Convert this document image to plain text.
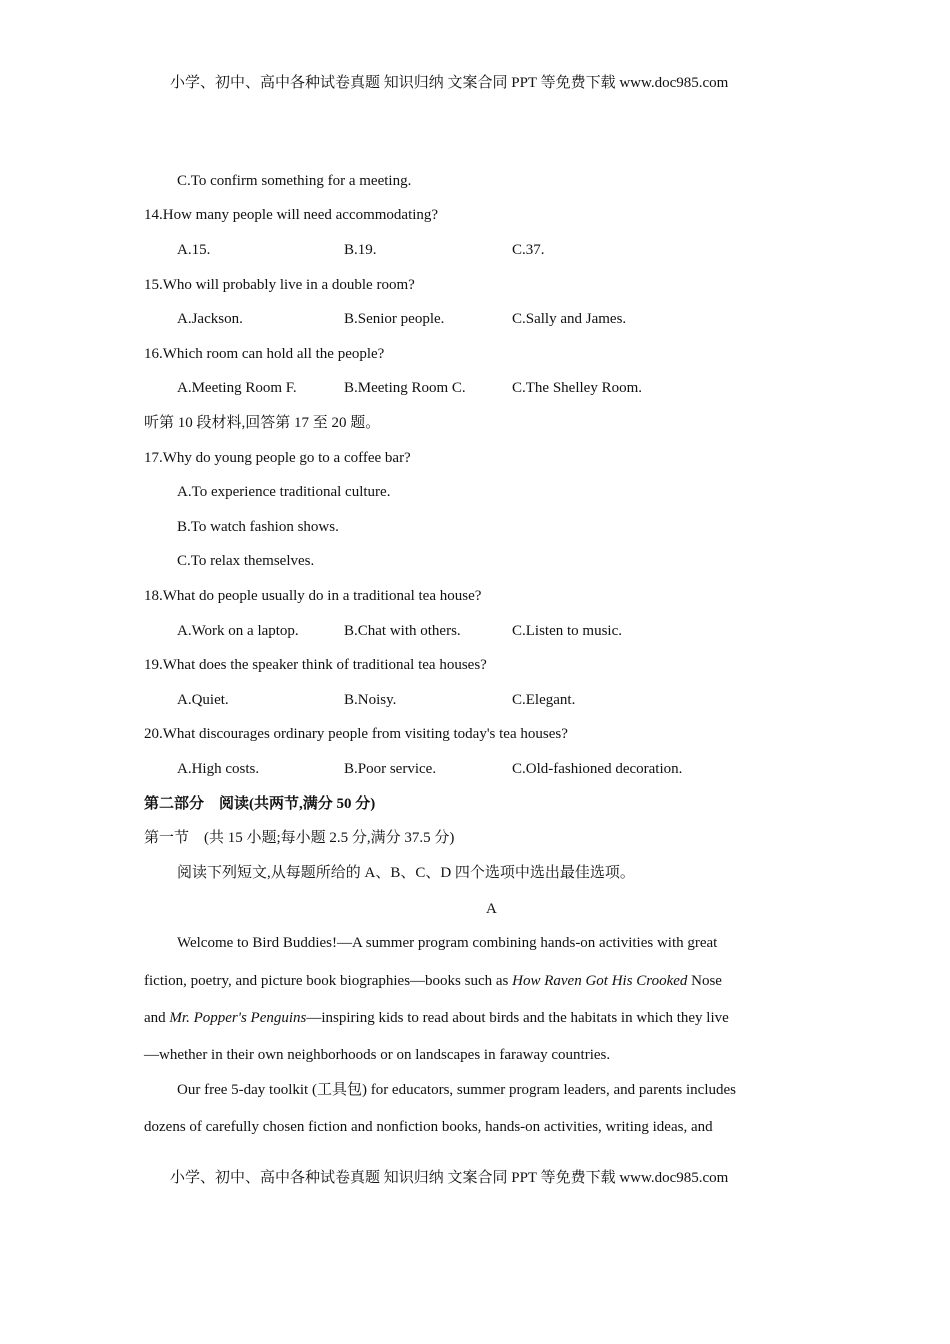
小学、初中、高中各种试卷真题 知识归纳 文案合同 PPT 等免费下载 www.doc985.com
C.To confirm something for a meeting.
14.How many people will need accommodating?
A.15.	B.19.	C.37.
15.Who will probably live in a double room?
A.Jackson.	B.Senior people.	C.Sally and James.
16.Which room can hold all the people?
A.Meeting Room F.	B.Meeting Room C.	C.The Shelley Room.
听第 10 段材料,回答第 17 至 20 题。
17.Why do young people go to a coffee bar?
A.To experience traditional culture.
B.To watch fashion shows.
C.To relax themselves.
18.What do people usually do in a traditional tea house?
A.Work on a laptop.	B.Chat with others.	C.Listen to music.
19.What does the speaker think of traditional tea houses?
A.Quiet.	B.Noisy.	C.Elegant.
20.What discourages ordinary people from visiting today's tea houses?
A.High costs.	B.Poor service.	C.Old-fashioned decoration.
第二部分　阅读(共两节,满分 50 分)
第一节　(共 15 小题;每小题 2.5 分,满分 37.5 分)
阅读下列短文,从每题所给的 A、B、C、D 四个选项中选出最佳选项。
A
Welcome to Bird Buddies!—A summer program combining hands-on activities with great
fiction, poetry, and picture book biographies—books such as How Raven Got His Crooked Nose
and Mr. Popper's Penguins—inspiring kids to read about birds and the habitats in which they live
—whether in their own neighborhoods or on landscapes in faraway countries.
Our free 5-day toolkit (工具包) for educators, summer program leaders, and parents includes
dozens of carefully chosen fiction and nonfiction books, hands-on activities, writing ideas, and
小学、初中、高中各种试卷真题 知识归纳 文案合同 PPT 等免费下载 www.doc985.com
